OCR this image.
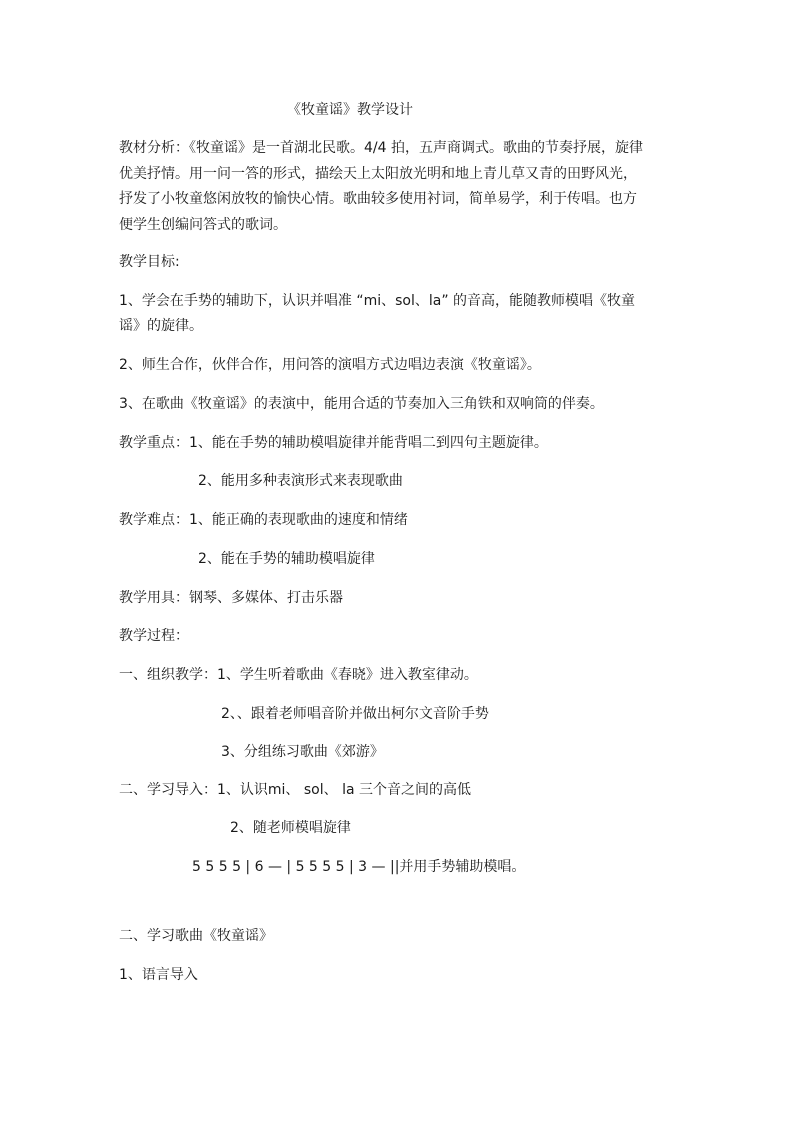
《牧童谣》教学设计
教材分析：《牧童谣》是一首湖北民歌。4/4 拍，五声商调式。歌曲的节奏抒展，旋律
优美抒情。用一问一答的形式，描绘天上太阳放光明和地上青儿草又青的田野风光，
抒发了小牧童悠闲放牧的愉快心情。歌曲较多使用衬词，简单易学，利于传唱。也方
便学生创编问答式的歌词。
教学目标:
1、学会在手势的辅助下，认识并唱准 “mi、sol、la” 的音高，能随教师模唱《牧童
谣》的旋律。
2、师生合作，伙伴合作，用问答的演唱方式边唱边表演《牧童谣》。
3、在歌曲《牧童谣》的表演中，能用合适的节奏加入三角铁和双响筒的伴奏。
教学重点：1、能在手势的辅助模唱旋律并能背唱二到四句主题旋律。
2、能用多种表演形式来表现歌曲
教学难点：1、能正确的表现歌曲的速度和情绪
2、能在手势的辅助模唱旋律
教学用具：钢琴、多媒体、打击乐器
教学过程：
一、组织教学：1、学生听着歌曲《春晓》进入教室律动。
2、、跟着老师唱音阶并做出柯尔文音阶手势
3、分组练习歌曲《郊游》
二、学习导入：1、认识mi、 sol、 la 三个音之间的高低
2、随老师模唱旋律
5 5 5 5 | 6 — | 5 5 5 5 | 3 — ||并用手势辅助模唱。
二、学习歌曲《牧童谣》
1、语言导入
